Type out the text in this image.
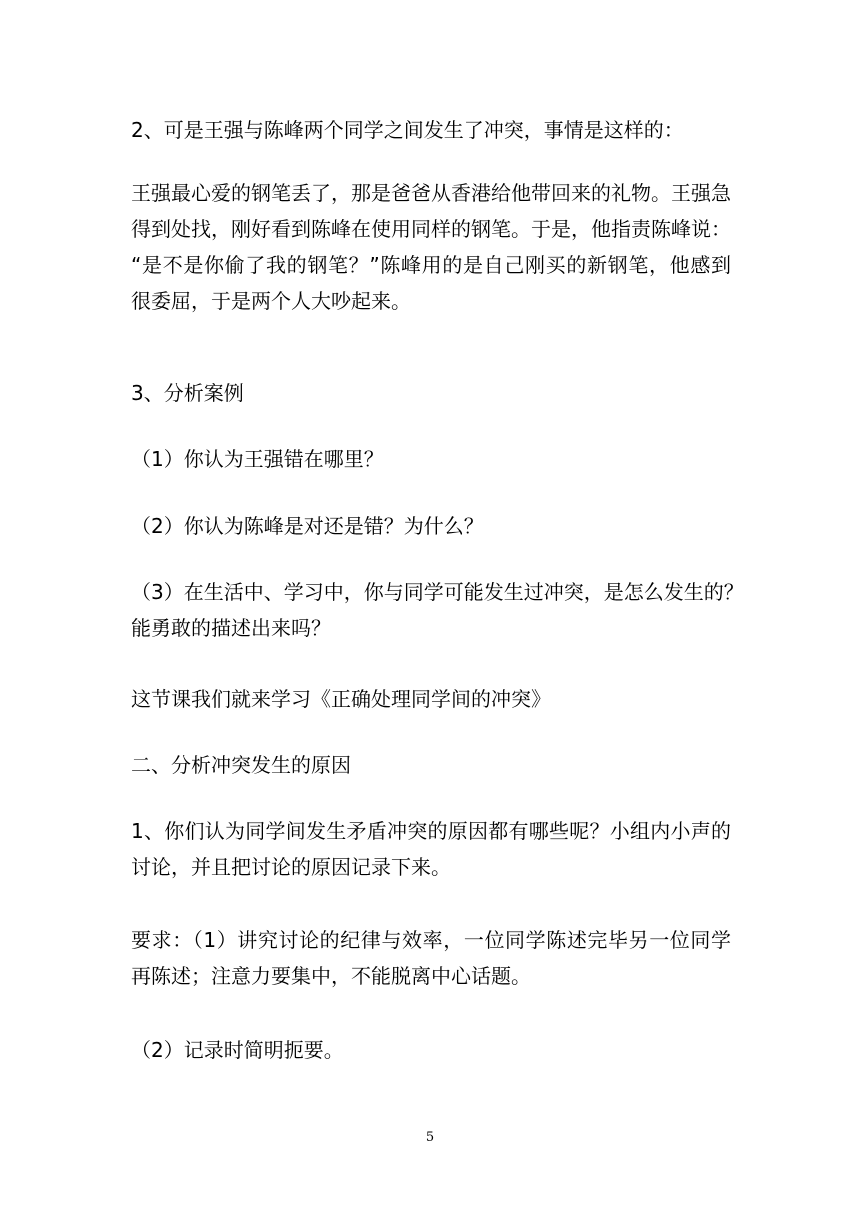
2、可是王强与陈峰两个同学之间发生了冲突，事情是这样的：

王强最心爱的钢笔丢了，那是爸爸从香港给他带回来的礼物。王强急
得到处找，刚好看到陈峰在使用同样的钢笔。于是，他指责陈峰说：
“是不是你偷了我的钢笔？”陈峰用的是自己刚买的新钢笔，他感到
很委屈，于是两个人大吵起来。

3、分析案例

（1）你认为王强错在哪里？

（2）你认为陈峰是对还是错？为什么？

（3）在生活中、学习中，你与同学可能发生过冲突，是怎么发生的？
能勇敢的描述出来吗？

这节课我们就来学习《正确处理同学间的冲突》

二、分析冲突发生的原因

1、你们认为同学间发生矛盾冲突的原因都有哪些呢？小组内小声的
讨论，并且把讨论的原因记录下来。

要求：（1）讲究讨论的纪律与效率，一位同学陈述完毕另一位同学
再陈述；注意力要集中，不能脱离中心话题。

（2）记录时简明扼要。

5
